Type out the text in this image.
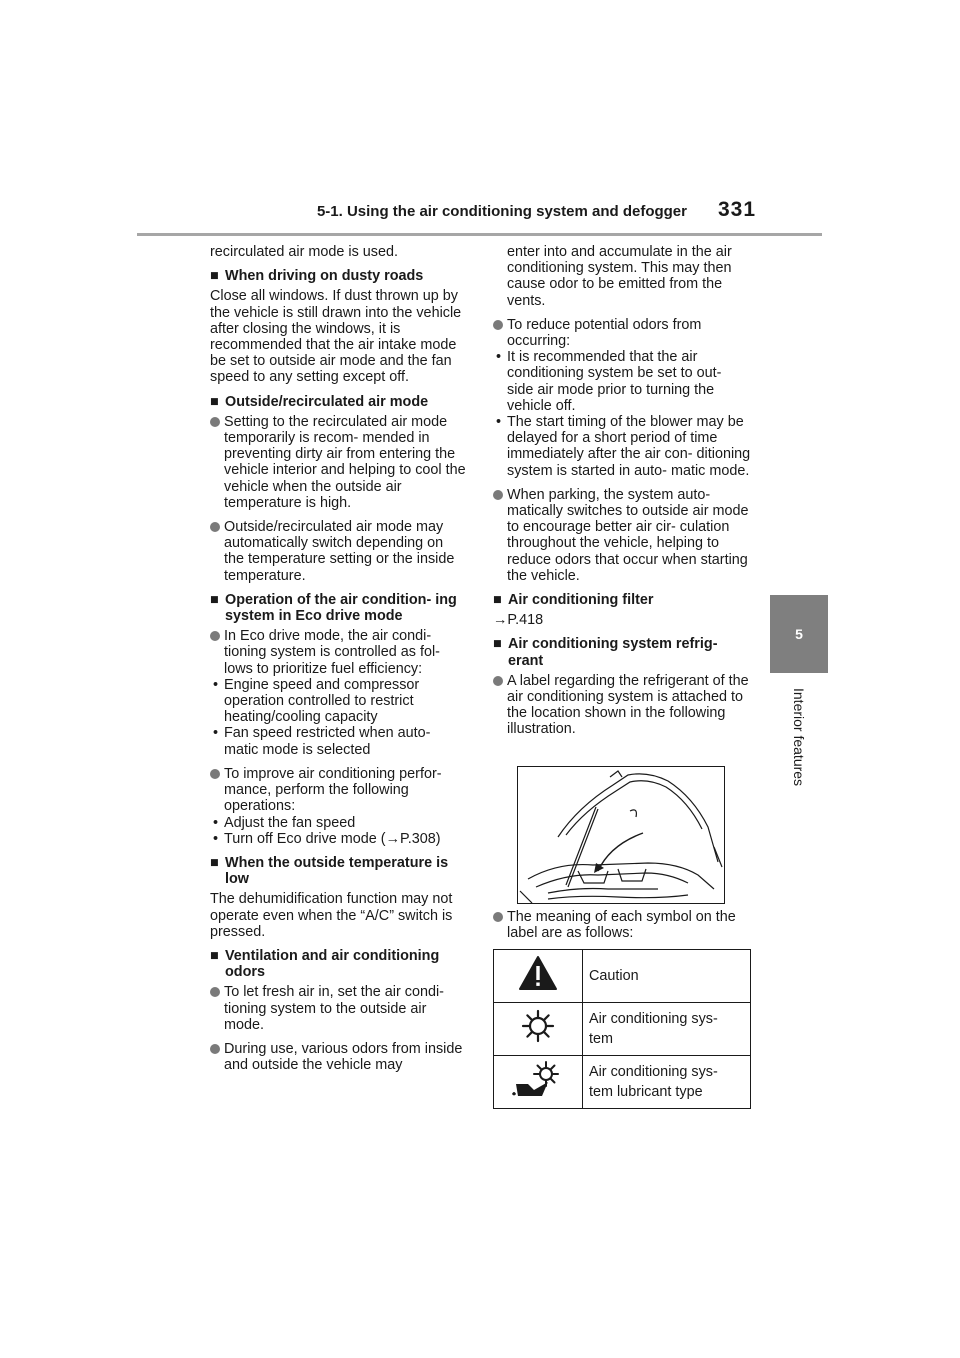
5-1. Using the air conditioning system and defogger 331
5
Interior features

recirculated air mode is used.

■ When driving on dusty roads

Close all windows. If dust thrown up by the vehicle is still drawn into the vehicle after closing the windows, it is recommended that the air intake mode be set to outside air mode and the fan speed to any setting except off.

■ Outside/recirculated air mode

Setting to the recirculated air mode temporarily is recom- mended in preventing dirty air from entering the vehicle interior and helping to cool the vehicle when the outside air temperature is high.
Outside/recirculated air mode may automatically switch depending on the temperature setting or the inside temperature.

■ Operation of the air condition- ing system in Eco drive mode

In Eco drive mode, the air condi- tioning system is controlled as fol- lows to prioritize fuel efficiency:
• Engine speed and compressor operation controlled to restrict heating/cooling capacity
• Fan speed restricted when auto- matic mode is selected
To improve air conditioning perfor- mance, perform the following operations:
• Adjust the fan speed
• Turn off Eco drive mode (→P.308)

■ When the outside temperature is low

The dehumidification function may not operate even when the “A/C” switch is pressed.

■ Ventilation and air conditioning odors

To let fresh air in, set the air condi- tioning system to the outside air mode.
During use, various odors from inside and outside the vehicle may

enter into and accumulate in the air conditioning system. This may then cause odor to be emitted from the vents.

To reduce potential odors from occurring:
• It is recommended that the air conditioning system be set to out- side air mode prior to turning the vehicle off.
• The start timing of the blower may be delayed for a short period of time immediately after the air con- ditioning system is started in auto- matic mode.
When parking, the system auto- matically switches to outside air mode to encourage better air cir- culation throughout the vehicle, helping to reduce odors that occur when starting the vehicle.

■ Air conditioning filter

→P.418

■ Air conditioning system refrig- erant

A label regarding the refrigerant of the air conditioning system is attached to the location shown in the following illustration.
The meaning of each symbol on the label are as follows:
	Caution
	Air conditioning sys- tem
	Air conditioning sys- tem lubricant type
